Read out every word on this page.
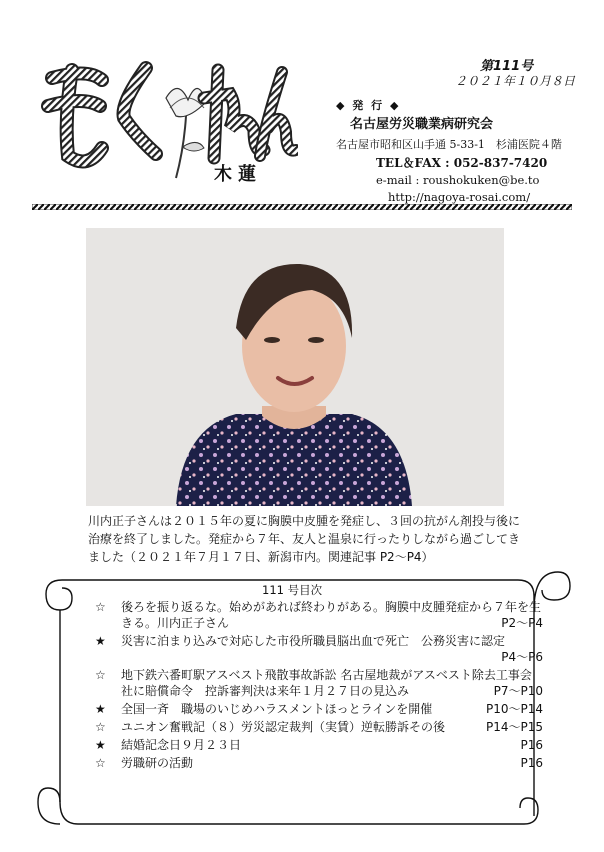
木蓮
第111号
２０２１年１０月８日
◆ 発 行 ◆
名古屋労災職業病研究会
名古屋市昭和区山手通 5-33-1　杉浦医院４階
TEL＆FAX : 052-837-7420
e-mail : roushokuken@be.to
http://nagoya-rosai.com/
川内正子さんは２０１５年の夏に胸膜中皮腫を発症し、３回の抗がん剤投与後に治療を終了しました。発症から７年、友人と温泉に行ったりしながら過ごしてきました（２０２１年７月１７日、新潟市内。関連記事 P2～P4）
111 号目次
☆	後ろを振り返るな。始めがあれば終わりがある。胸膜中皮腫発症から７年を生きる。川内正子さん	P2～P4
★	災害に泊まり込みで対応した市役所職員脳出血で死亡　公務災害に認定
P4～P6
☆	地下鉄六番町駅アスベスト飛散事故訴訟 名古屋地裁がアスベスト除去工事会社に賠償命令　控訴審判決は来年１月２７日の見込み	P7～P10
★	全国一斉　職場のいじめハラスメントほっとラインを開催	P10～P14
☆	ユニオン奮戦記（８）労災認定裁判（実賃）逆転勝訴その後	P14～P15
★	結婚記念日９月２３日	P16
☆	労職研の活動	P16
